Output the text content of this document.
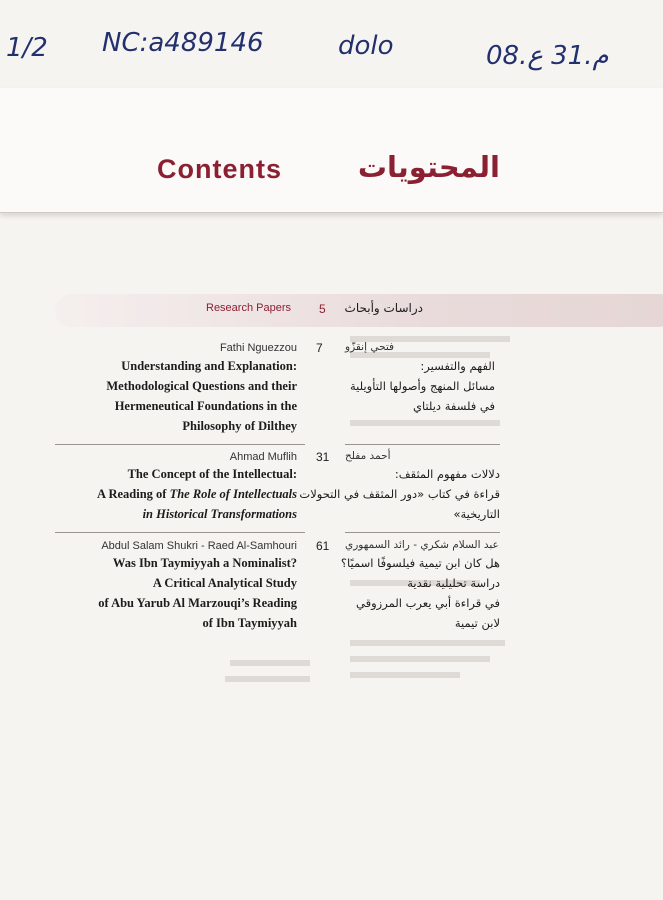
1/2 NC:a489146	dolo	م.31 ع.08
Contents	المحتويات
Research Papers 5 دراسات وأبحاث
Fathi Nguezzou 7 فتحي إنقزّو
Understanding and Explanation:
Methodological Questions and their
Hermeneutical Foundations in the
Philosophy of Dilthey
الفهم والتفسير:
مسائل المنهج وأصولها التأويلية
في فلسفة ديلتاي
Ahmad Muflih 31 أحمد مفلح
The Concept of the Intellectual:
A Reading of The Role of Intellectuals
in Historical Transformations
دلالات مفهوم المثقف:
قراءة في كتاب «دور المثقف في التحولات
التاريخية»
Abdul Salam Shukri - Raed Al-Samhouri 61 عبد السلام شكري - رائد السمهوري
Was Ibn Taymiyyah a Nominalist?
A Critical Analytical Study
of Abu Yarub Al Marzouqi’s Reading
of Ibn Taymiyyah
هل كان ابن تيمية فيلسوفًا اسميًا؟
دراسة تحليلية نقدية
في قراءة أبي يعرب المرزوقي
لابن تيمية
